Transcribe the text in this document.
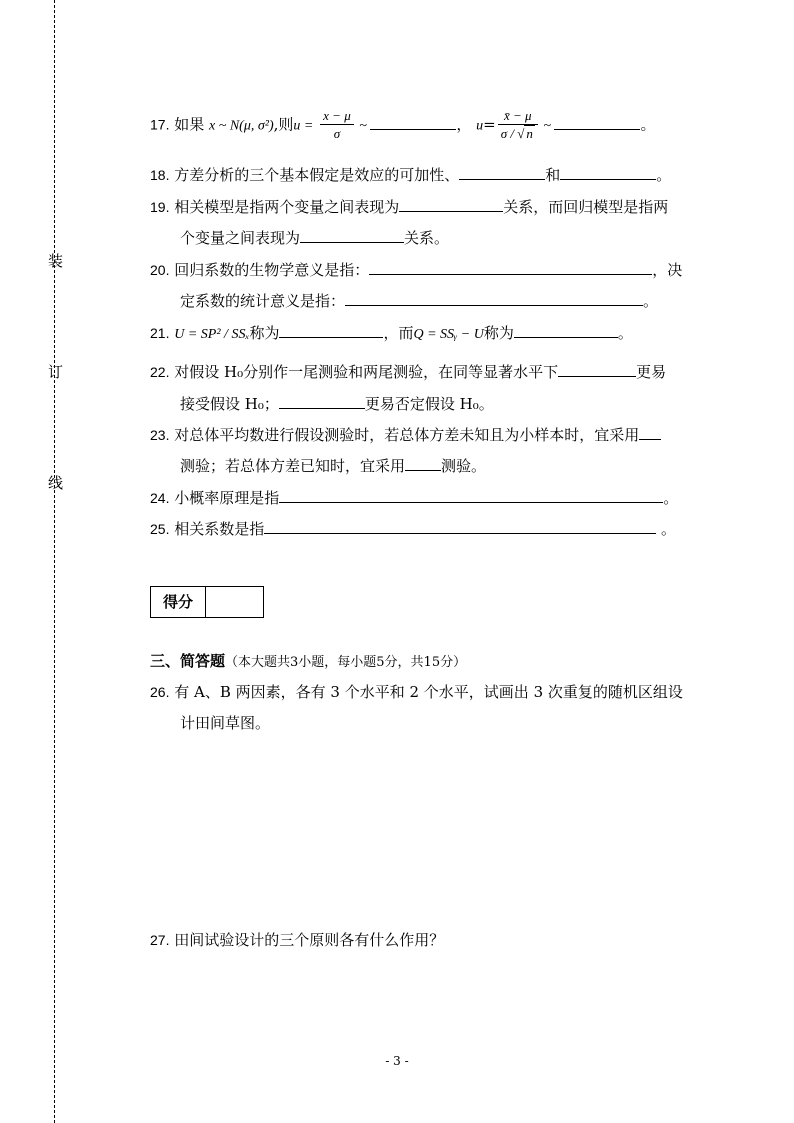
装
订
线
17. 如果 x ~ N(μ, σ²),则$u = \frac{x - \mu}{\sigma}$ ~	， $u= \frac{x̄ - \mu}{\sigma / √ n}$ ~	。
18. 方差分析的三个基本假定是效应的可加性、	和	。
19. 相关模型是指两个变量之间表现为	关系，而回归模型是指两
个变量之间表现为	关系。
20. 回归系数的生物学意义是指：	，决
定系数的统计意义是指：	。
21. U = SP² / SSₓ称为	，而Q = SSᵧ − U称为	。
22. 对假设 H₀分别作一尾测验和两尾测验，在同等显著水平下	更易
接受假设 H₀；	更易否定假设 H₀。
23. 对总体平均数进行假设测验时，若总体方差未知且为小样本时，宜采用
测验；若总体方差已知时，宜采用 测验。
24. 小概率原理是指	。
25. 相关系数是指	。
得分
三、简答题（本大题共3小题，每小题5分，共15分）
26. 有 A、B 两因素，各有 3 个水平和 2 个水平，试画出 3 次重复的随机区组设
计田间草图。
27. 田间试验设计的三个原则各有什么作用？
- 3 -
